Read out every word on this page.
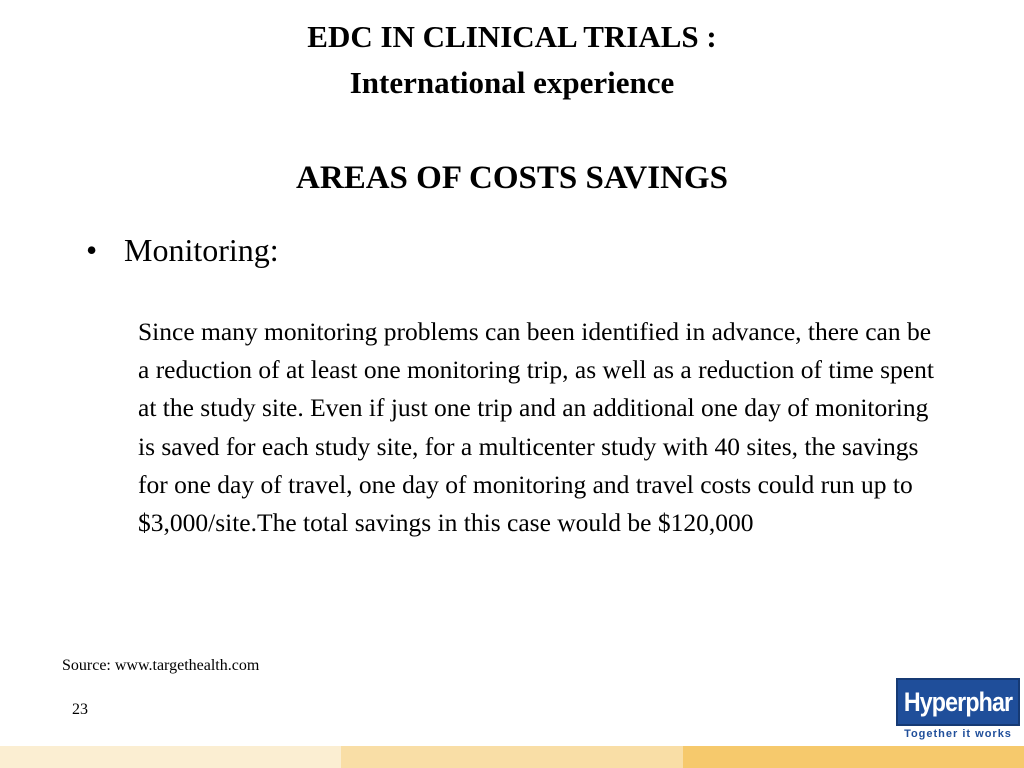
EDC IN CLINICAL TRIALS :
International experience
AREAS OF COSTS SAVINGS
• Monitoring:
Since many monitoring problems can been identified in advance, there can be a reduction of at least one monitoring trip, as well as a reduction of time spent at the study site. Even if just one trip and an additional one day of monitoring is saved for each study site, for a multicenter study with 40 sites, the savings for one day of travel, one day of monitoring and travel costs could run up to $3,000/site.The total savings in this case would be $120,000
Source: www.targethealth.com
23	Hyperphar
Together it works
